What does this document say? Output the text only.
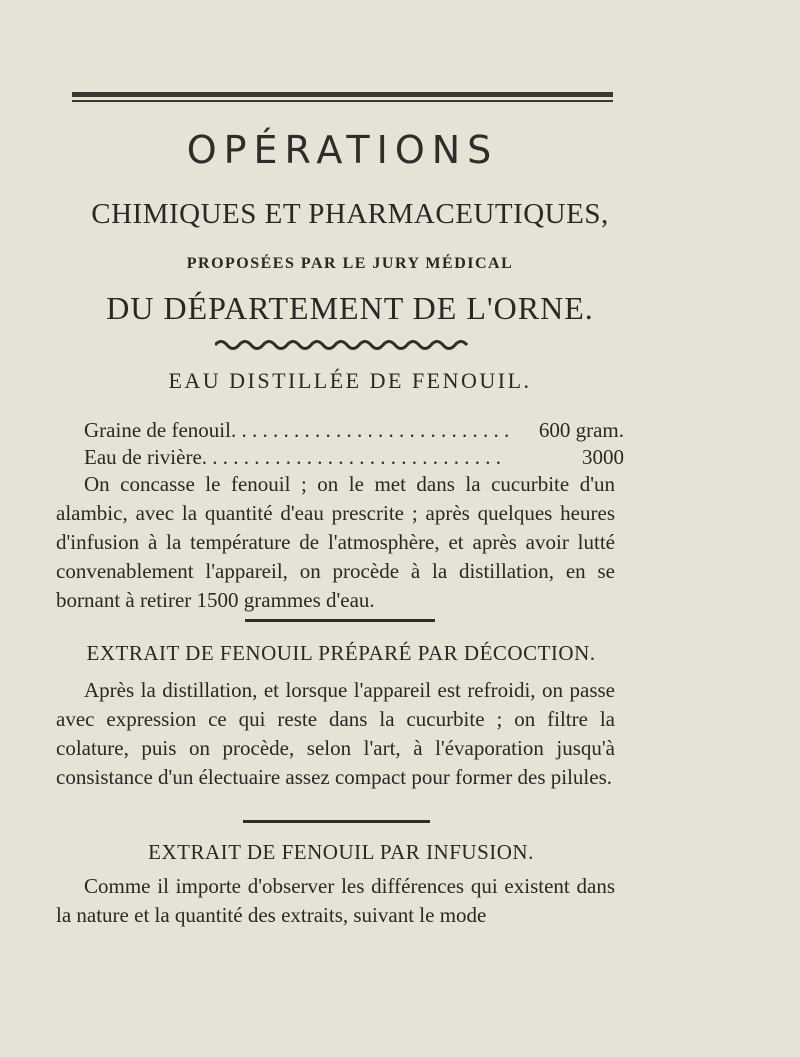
OPÉRATIONS
CHIMIQUES ET PHARMACEUTIQUES,
PROPOSÉES PAR LE JURY MÉDICAL
DU DÉPARTEMENT DE L'ORNE.
EAU DISTILLÉE DE FENOUIL.
Graine de fenouil. . . . . . . . . . . . . . . . . . . . . . . . . . . 600 gram.
Eau de rivière. . . . . . . . . . . . . . . . . . . . . . . . . . . . .	3000

On concasse le fenouil ; on le met dans la cucurbite d'un alambic, avec la quantité d'eau prescrite ; après quelques heures d'infusion à la température de l'atmosphère, et après avoir lutté convenablement l'appareil, on procède à la distillation, en se bornant à retirer 1500 grammes d'eau.

EXTRAIT DE FENOUIL PRÉPARÉ PAR DÉCOCTION.

Après la distillation, et lorsque l'appareil est refroidi, on passe avec expression ce qui reste dans la cucurbite ; on filtre la colature, puis on procède, selon l'art, à l'évaporation jusqu'à consistance d'un électuaire assez compact pour former des pilules.

EXTRAIT DE FENOUIL PAR INFUSION.

Comme il importe d'observer les différences qui existent dans la nature et la quantité des extraits, suivant le mode
